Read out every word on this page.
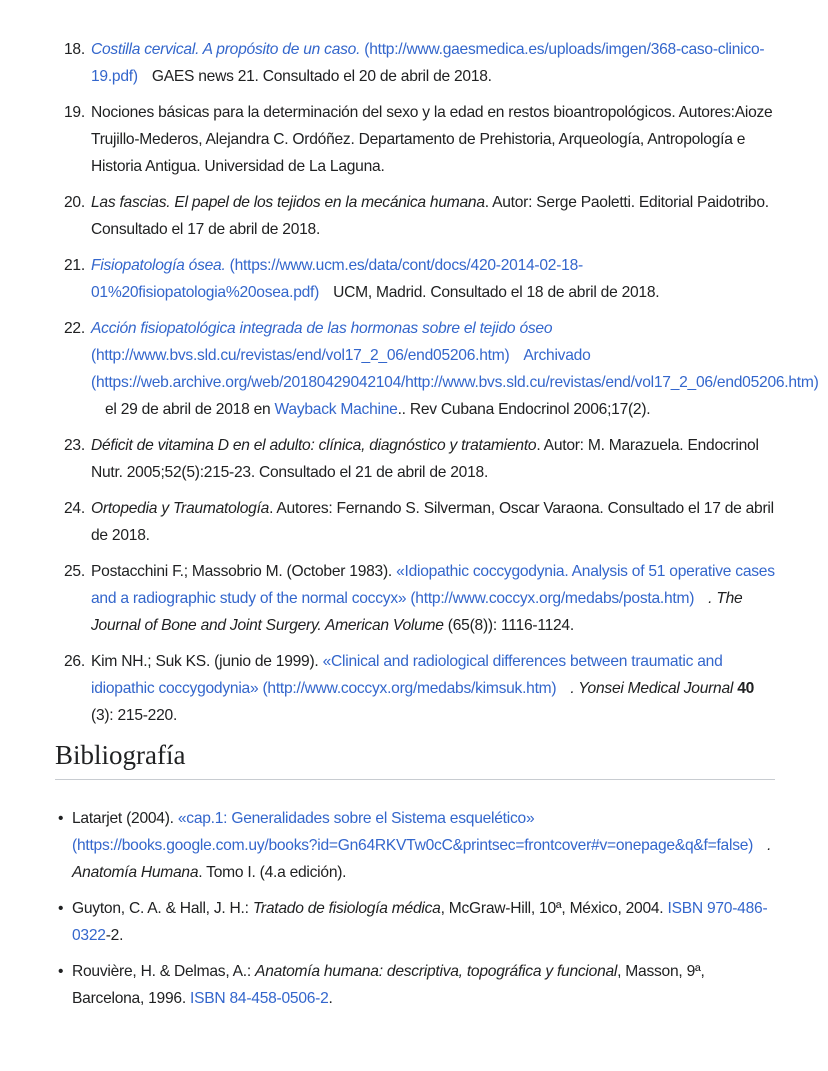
18. Costilla cervical. A propósito de un caso. (http://www.gaesmedica.es/uploads/imgen/368-caso-clinico-19.pdf) GAES news 21. Consultado el 20 de abril de 2018.
19. Nociones básicas para la determinación del sexo y la edad en restos bioantropológicos. Autores:Aioze Trujillo-Mederos, Alejandra C. Ordóñez. Departamento de Prehistoria, Arqueología, Antropología e Historia Antigua. Universidad de La Laguna.
20. Las fascias. El papel de los tejidos en la mecánica humana. Autor: Serge Paoletti. Editorial Paidotribo. Consultado el 17 de abril de 2018.
21. Fisiopatología ósea. (https://www.ucm.es/data/cont/docs/420-2014-02-18-01%20fisiopatologia%20osea.pdf) UCM, Madrid. Consultado el 18 de abril de 2018.
22. Acción fisiopatológica integrada de las hormonas sobre el tejido óseo (http://www.bvs.sld.cu/revistas/end/vol17_2_06/end05206.htm) Archivado (https://web.archive.org/web/20180429042104/http://www.bvs.sld.cu/revistas/end/vol17_2_06/end05206.htm)el 29 de abril de 2018 en Wayback Machine.. Rev Cubana Endocrinol 2006;17(2).
23. Déficit de vitamina D en el adulto: clínica, diagnóstico y tratamiento. Autor: M. Marazuela. Endocrinol Nutr. 2005;52(5):215-23. Consultado el 21 de abril de 2018.
24. Ortopedia y Traumatología. Autores: Fernando S. Silverman, Oscar Varaona. Consultado el 17 de abril de 2018.
25. Postacchini F.; Massobrio M. (October 1983). «Idiopathic coccygodynia. Analysis of 51 operative cases and a radiographic study of the normal coccyx» (http://www.coccyx.org/medabs/posta.htm) . The Journal of Bone and Joint Surgery. American Volume (65(8)): 1116-1124.
26. Kim NH.; Suk KS. (junio de 1999). «Clinical and radiological differences between traumatic and idiopathic coccygodynia» (http://www.coccyx.org/medabs/kimsuk.htm) . Yonsei Medical Journal 40 (3): 215-220.
Bibliografía
• Latarjet (2004). «cap.1: Generalidades sobre el Sistema esquelético» (https://books.google.com.uy/books?id=Gn64RKVTw0cC&printsec=frontcover#v=onepage&q&f=false) . Anatomía Humana. Tomo I. (4.a edición).
• Guyton, C. A. & Hall, J. H.: Tratado de fisiología médica, McGraw-Hill, 10ª, México, 2004. ISBN 970-486-0322-2.
• Rouvière, H. & Delmas, A.: Anatomía humana: descriptiva, topográfica y funcional, Masson, 9ª, Barcelona, 1996. ISBN 84-458-0506-2.
